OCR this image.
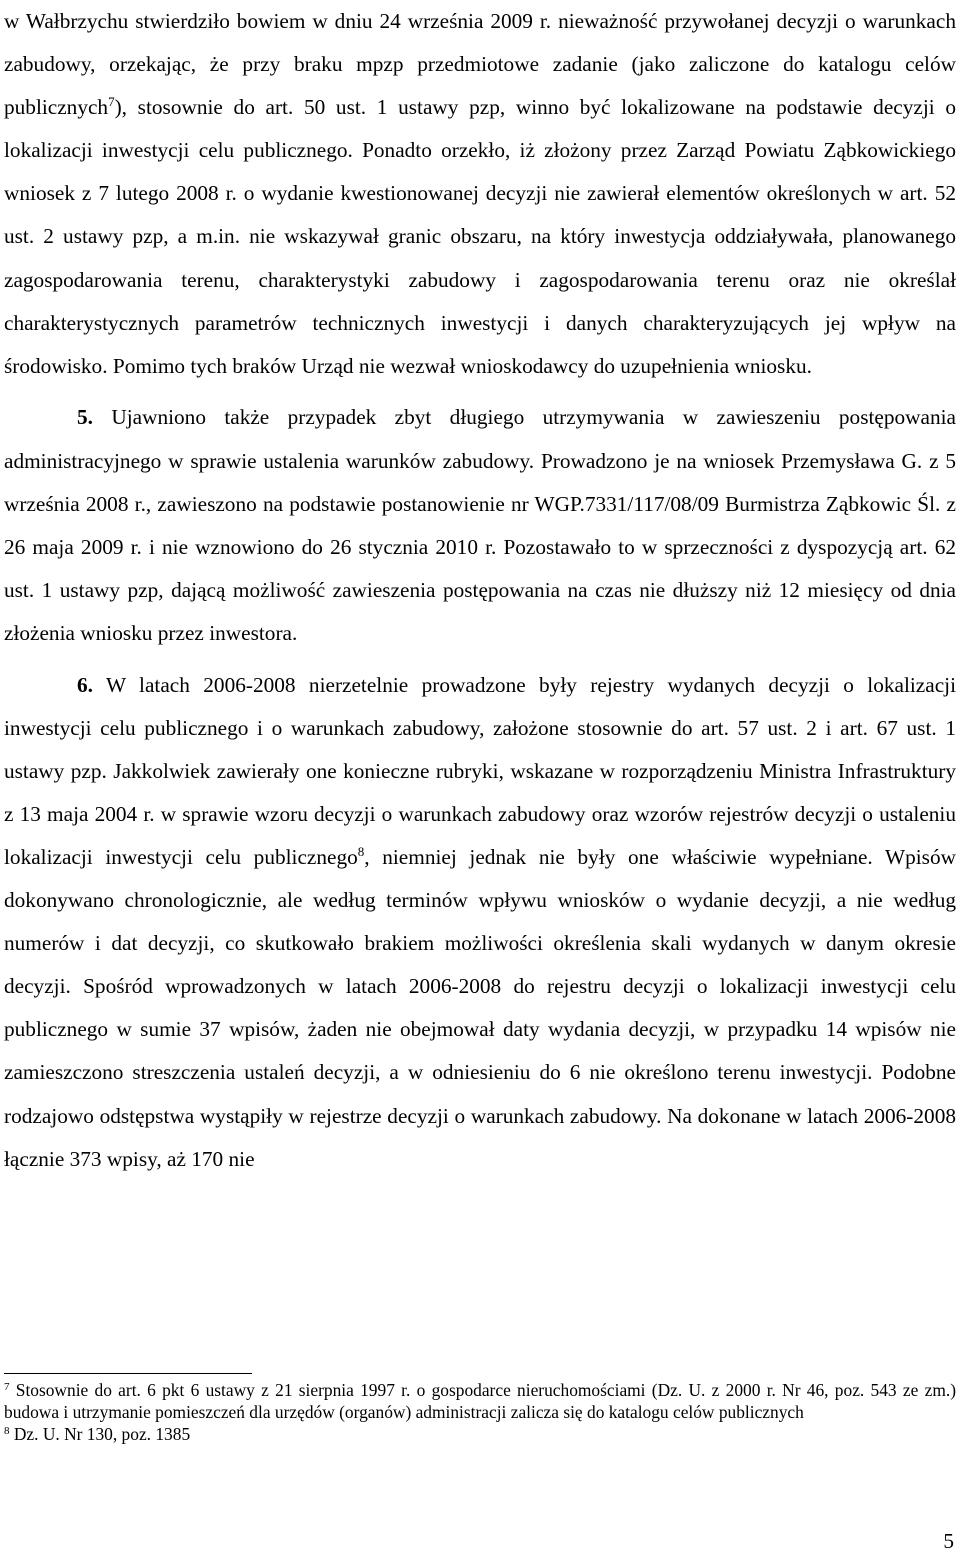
w Wałbrzychu stwierdziło bowiem w dniu 24 września 2009 r. nieważność przywołanej decyzji o warunkach zabudowy, orzekając, że przy braku mpzp przedmiotowe zadanie (jako zaliczone do katalogu celów publicznych$^7$), stosownie do art. 50 ust. 1 ustawy pzp, winno być lokalizowane na podstawie decyzji o lokalizacji inwestycji celu publicznego. Ponadto orzekło, iż złożony przez Zarząd Powiatu Ząbkowickiego wniosek z 7 lutego 2008 r. o wydanie kwestionowanej decyzji nie zawierał elementów określonych w art. 52 ust. 2 ustawy pzp, a m.in. nie wskazywał granic obszaru, na który inwestycja oddziaływała, planowanego zagospodarowania terenu, charakterystyki zabudowy i zagospodarowania terenu oraz nie określał charakterystycznych parametrów technicznych inwestycji i danych charakteryzujących jej wpływ na środowisko. Pomimo tych braków Urząd nie wezwał wnioskodawcy do uzupełnienia wniosku.

5. Ujawniono także przypadek zbyt długiego utrzymywania w zawieszeniu postępowania administracyjnego w sprawie ustalenia warunków zabudowy. Prowadzono je na wniosek Przemysława G. z 5 września 2008 r., zawieszono na podstawie postanowienie nr WGP.7331/117/08/09 Burmistrza Ząbkowic Śl. z 26 maja 2009 r. i nie wznowiono do 26 stycznia 2010 r. Pozostawało to w sprzeczności z dyspozycją art. 62 ust. 1 ustawy pzp, dającą możliwość zawieszenia postępowania na czas nie dłuższy niż 12 miesięcy od dnia złożenia wniosku przez inwestora.

6. W latach 2006-2008 nierzetelnie prowadzone były rejestry wydanych decyzji o lokalizacji inwestycji celu publicznego i o warunkach zabudowy, założone stosownie do art. 57 ust. 2 i art. 67 ust. 1 ustawy pzp. Jakkolwiek zawierały one konieczne rubryki, wskazane w rozporządzeniu Ministra Infrastruktury z 13 maja 2004 r. w sprawie wzoru decyzji o warunkach zabudowy oraz wzorów rejestrów decyzji o ustaleniu lokalizacji inwestycji celu publicznego$^8$, niemniej jednak nie były one właściwie wypełniane. Wpisów dokonywano chronologicznie, ale według terminów wpływu wniosków o wydanie decyzji, a nie według numerów i dat decyzji, co skutkowało brakiem możliwości określenia skali wydanych w danym okresie decyzji. Spośród wprowadzonych w latach 2006-2008 do rejestru decyzji o lokalizacji inwestycji celu publicznego w sumie 37 wpisów, żaden nie obejmował daty wydania decyzji, w przypadku 14 wpisów nie zamieszczono streszczenia ustaleń decyzji, a w odniesieniu do 6 nie określono terenu inwestycji. Podobne rodzajowo odstępstwa wystąpiły w rejestrze decyzji o warunkach zabudowy. Na dokonane w latach 2006-2008 łącznie 373 wpisy, aż 170 nie

$^7$ Stosownie do art. 6 pkt 6 ustawy z 21 sierpnia 1997 r. o gospodarce nieruchomościami (Dz. U. z 2000 r. Nr 46, poz. 543 ze zm.) budowa i utrzymanie pomieszczeń dla urzędów (organów) administracji zalicza się do katalogu celów publicznych

$^8$ Dz. U. Nr 130, poz. 1385

5
